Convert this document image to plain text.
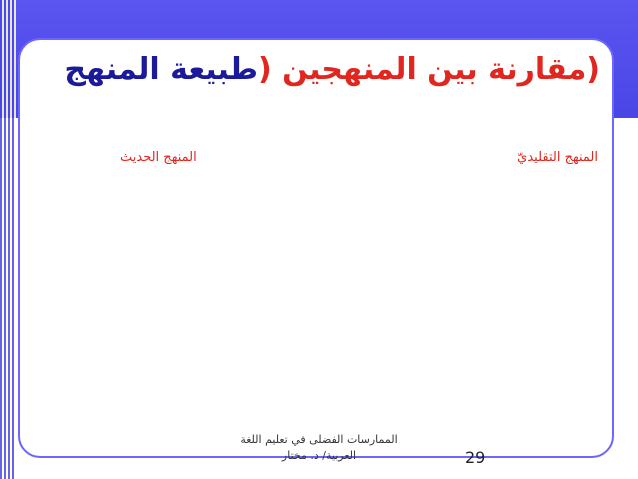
(مقارنة بين المنهجين (طبيعة المنهج
المنهج التقليديّ
المنهج الحديث
الممارسات الفضلى في تعليم اللغة
العربية/ د. مختار	29
